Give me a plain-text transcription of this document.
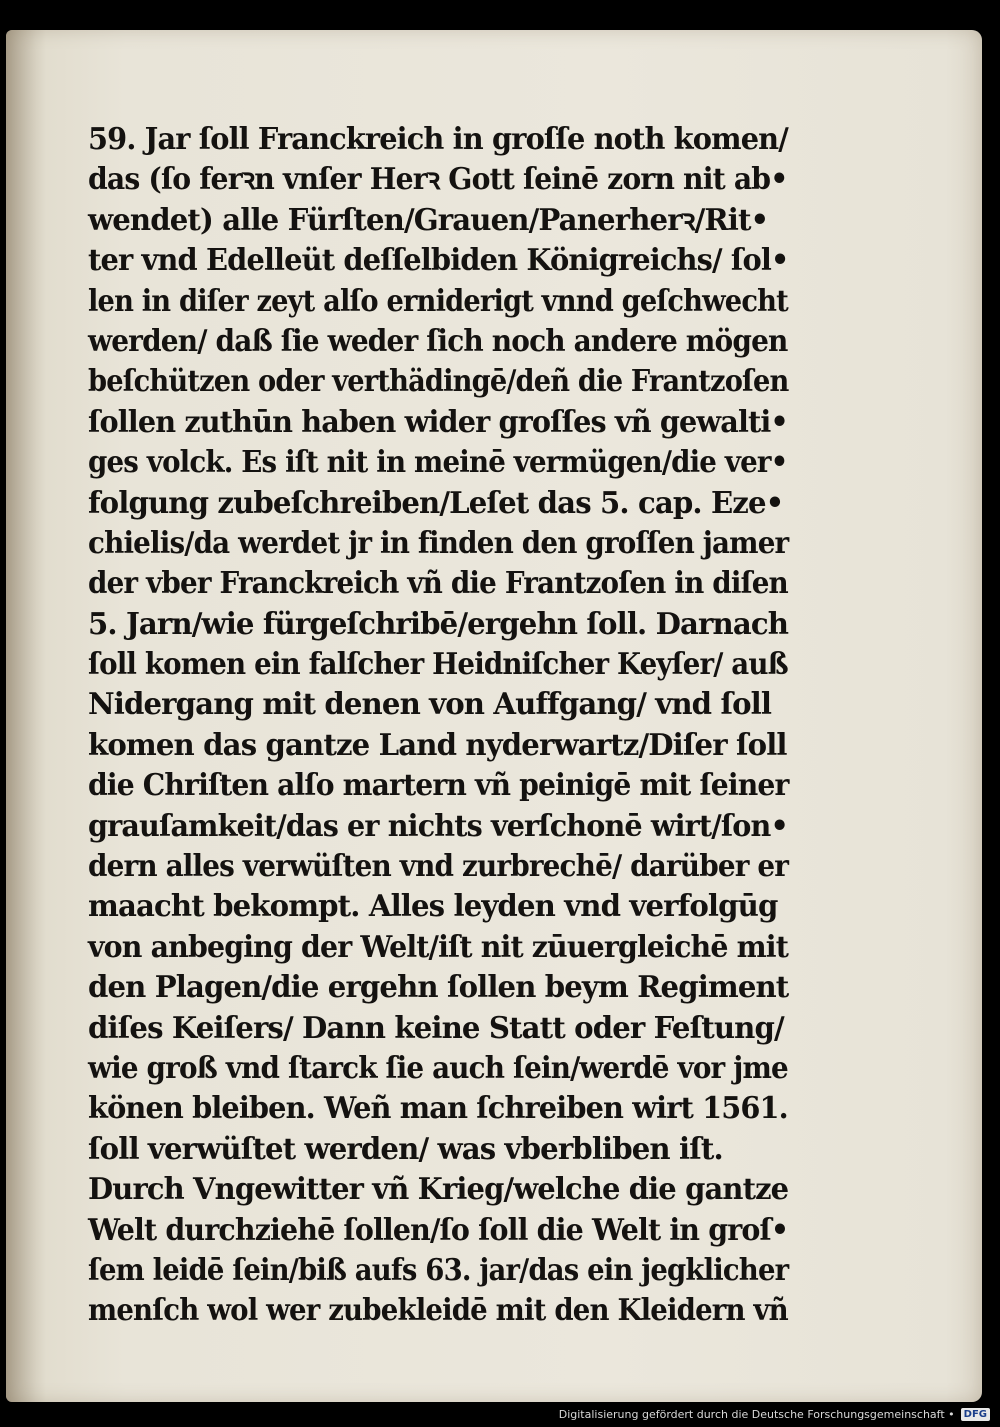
59. Jar ſoll Franckreich in groſſe noth komen/
das (ſo ferꝛn vnſer Herꝛ Gott ſeinē zorn nit ab•
wendet) alle Fürſten/Grauen/Panerherꝛ/Rit•
ter vnd Edelleüt deſſelbiden Königreichs/ ſol•
len in diſer zeyt alſo erniderigt vnnd geſchwecht
werden/ daß ſie weder ſich noch andere mögen
beſchützen oder verthädingē/deñ die Frantzoſen
ſollen zuthūn haben wider groſſes vñ gewalti•
ges volck. Es iſt nit in meinē vermügen/die ver•
folgung zubeſchreiben/Leſet das 5. cap. Eze•
chielis/da werdet jr in finden den groſſen jamer
der vber Franckreich vñ die Frantzoſen in diſen
5. Jarn/wie fürgeſchribē/ergehn ſoll. Darnach
ſoll komen ein falſcher Heidniſcher Keyſer/ auß
Nidergang mit denen von Auffgang/ vnd ſoll
komen das gantze Land nyderwartz/Diſer ſoll
die Chriſten alſo martern vñ peinigē mit ſeiner
grauſamkeit/das er nichts verſchonē wirt/ſon•
dern alles verwüſten vnd zurbrechē/ darüber er
maacht bekompt. Alles leyden vnd verfolgūg
von anbeging der Welt/iſt nit zūuergleichē mit
den Plagen/die ergehn ſollen beym Regiment
diſes Keiſers/ Dann keine Statt oder Feſtung/
wie groß vnd ſtarck ſie auch ſein/werdē vor jme
könen bleiben. Weñ man ſchreiben wirt 1561.
ſoll verwüſtet werden/ was vberbliben iſt.
Durch Vngewitter vñ Krieg/welche die gantze
Welt durchziehē ſollen/ſo ſoll die Welt in groſ•
ſem leidē ſein/biß aufs 63. jar/das ein jegklicher
menſch wol wer zubekleidē mit den Kleidern vñ
Digitalisierung gefördert durch die Deutsche Forschungsgemeinschaft • DFG
